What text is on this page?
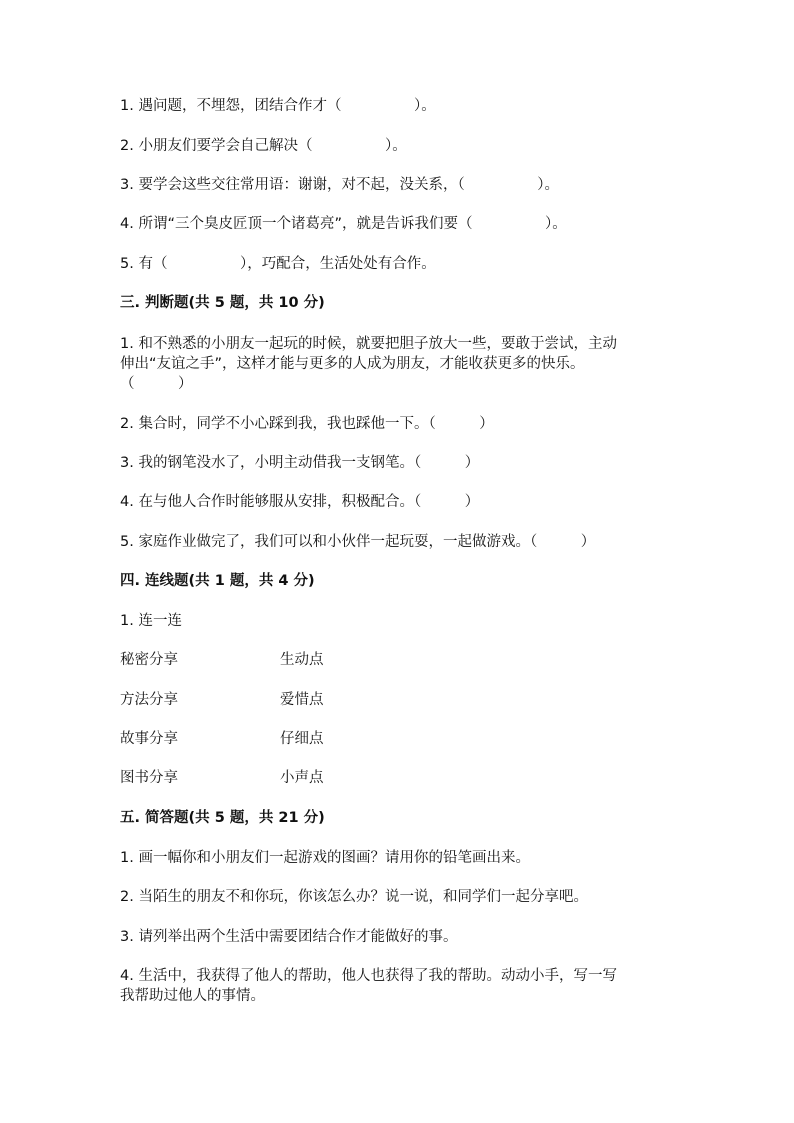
1. 遇问题，不埋怨，团结合作才（　　　　　）。
2. 小朋友们要学会自己解决（　　　　　）。
3. 要学会这些交往常用语：谢谢，对不起，没关系，（　　　　　）。
4. 所谓“三个臭皮匠顶一个诸葛亮”，就是告诉我们要（　　　　　）。
5. 有（　　　　　），巧配合，生活处处有合作。
三. 判断题(共 5 题，共 10 分)
1. 和不熟悉的小朋友一起玩的时候，就要把胆子放大一些，要敢于尝试，主动
伸出“友谊之手”，这样才能与更多的人成为朋友，才能收获更多的快乐。
（　　　）
2. 集合时，同学不小心踩到我，我也踩他一下。（　　　）
3. 我的钢笔没水了，小明主动借我一支钢笔。（　　　）
4. 在与他人合作时能够服从安排，积极配合。（　　　）
5. 家庭作业做完了，我们可以和小伙伴一起玩耍，一起做游戏。（　　　）
四. 连线题(共 1 题，共 4 分)
1. 连一连
秘密分享	生动点
方法分享	爱惜点
故事分享	仔细点
图书分享	小声点
五. 简答题(共 5 题，共 21 分)
1. 画一幅你和小朋友们一起游戏的图画？请用你的铅笔画出来。
2. 当陌生的朋友不和你玩，你该怎么办？说一说，和同学们一起分享吧。
3. 请列举出两个生活中需要团结合作才能做好的事。
4. 生活中，我获得了他人的帮助，他人也获得了我的帮助。动动小手，写一写
我帮助过他人的事情。
